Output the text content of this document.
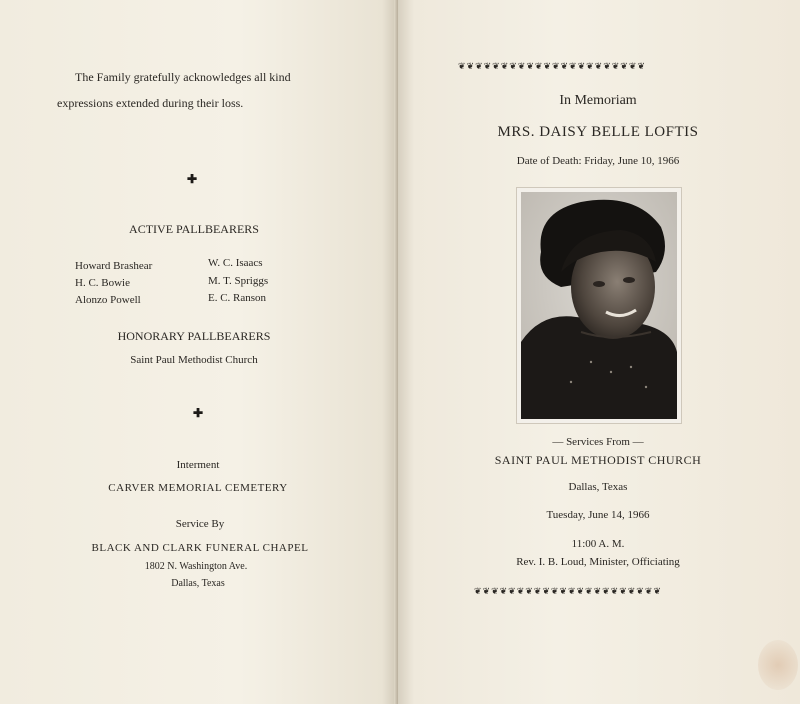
The Family gratefully acknowledges all kind
expressions extended during their loss.
✚
ACTIVE PALLBEARERS
Howard Brashear	W. C. Isaacs
H. C. Bowie	M. T. Spriggs
Alonzo Powell	E. C. Ranson
HONORARY PALLBEARERS
Saint Paul Methodist Church
✚
Interment
CARVER MEMORIAL CEMETERY
Service By
BLACK AND CLARK FUNERAL CHAPEL
1802 N. Washington Ave.
Dallas, Texas
❦❦❦❦❦❦❦❦❦❦❦❦❦❦❦❦❦❦❦❦❦❦
In Memoriam
MRS. DAISY BELLE LOFTIS
Date of Death: Friday, June 10, 1966
— Services From —
SAINT PAUL METHODIST CHURCH
Dallas, Texas
Tuesday, June 14, 1966
11:00 A. M.
Rev. I. B. Loud, Minister, Officiating
❦❦❦❦❦❦❦❦❦❦❦❦❦❦❦❦❦❦❦❦❦❦
